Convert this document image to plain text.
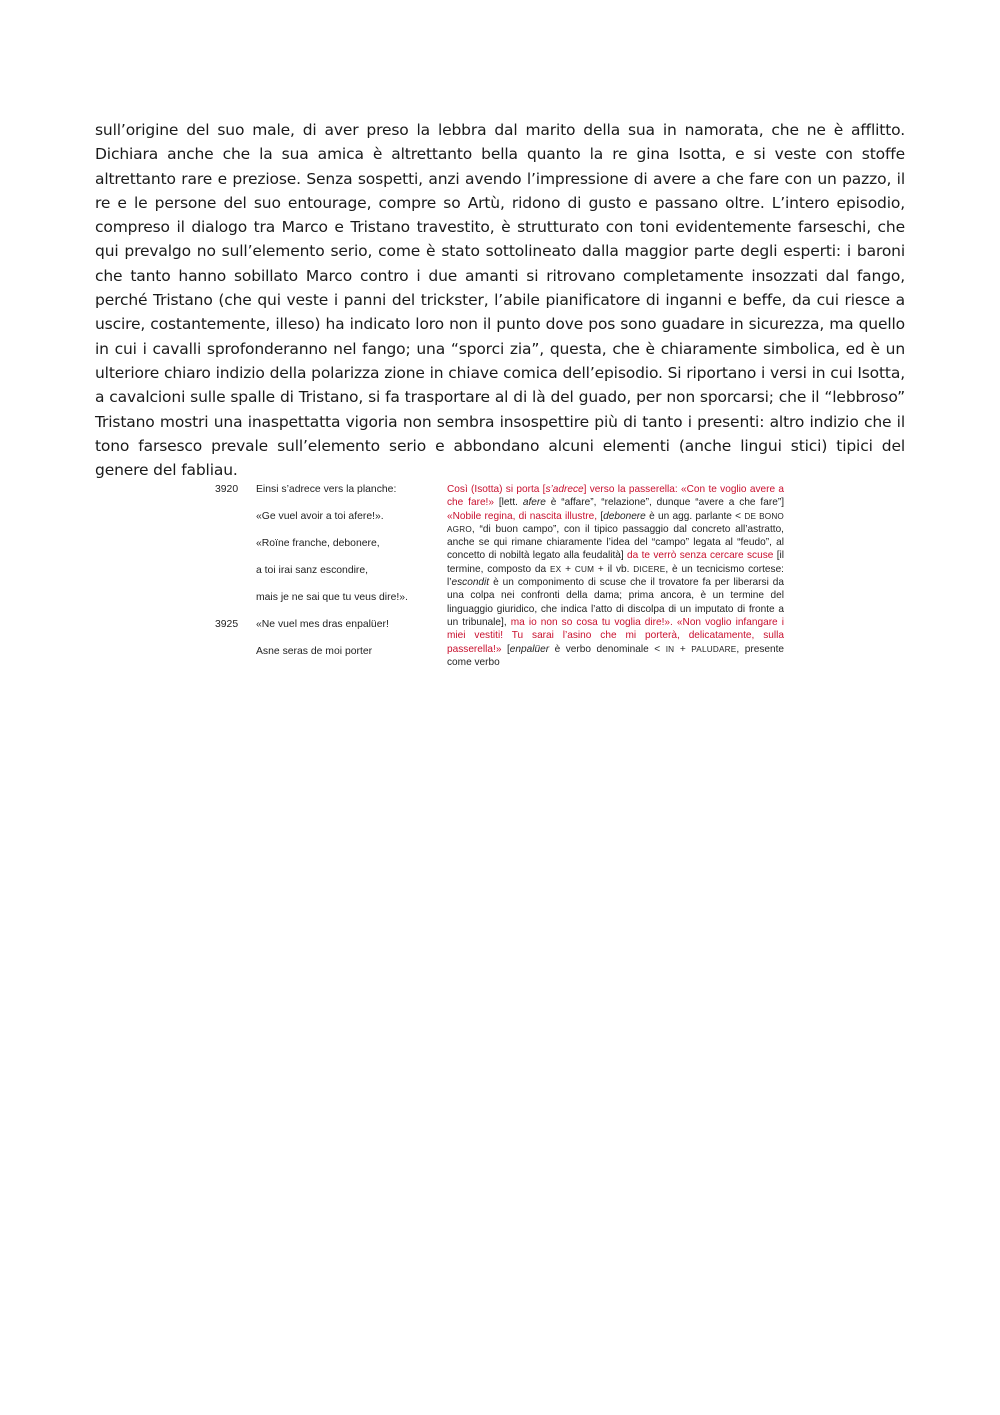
sull’origine del suo male, di aver preso la lebbra dal marito della sua in namorata, che ne è afflitto. Dichiara anche che la sua amica è altrettanto bella quanto la re gina Isotta, e si veste con stoffe altrettanto rare e preziose. Senza sospetti, anzi avendo l’impressione di avere a che fare con un pazzo, il re e le persone del suo entourage, compre so Artù, ridono di gusto e passano oltre. L’intero episodio, compreso il dialogo tra Marco e Tristano travestito, è strutturato con toni evidentemente farseschi, che qui prevalgo no sull’elemento serio, come è stato sottolineato dalla maggior parte degli esperti: i baroni che tanto hanno sobillato Marco contro i due amanti si ritrovano completamente insozzati dal fango, perché Tristano (che qui veste i panni del trickster, l’abile pianificatore di inganni e beffe, da cui riesce a uscire, costantemente, illeso) ha indicato loro non il punto dove pos sono guadare in sicurezza, ma quello in cui i cavalli sprofonderanno nel fango; una “sporci zia”, questa, che è chiaramente simbolica, ed è un ulteriore chiaro indizio della polarizza zione in chiave comica dell’episodio. Si riportano i versi in cui Isotta, a cavalcioni sulle spalle di Tristano, si fa trasportare al di là del guado, per non sporcarsi; che il “lebbroso” Tristano mostri una inaspettatta vigoria non sembra insospettire più di tanto i presenti: altro indizio che il tono farsesco prevale sull’elemento serio e abbondano alcuni elementi (anche lingui stici) tipici del genere del fabliau.

3920	Einsi s’adrece vers la planche:
«Ge vuel avoir a toi afere!».
«Roïne franche, debonere,
a toi irai sanz escondire,
mais je ne sai que tu veus dire!».
3925	«Ne vuel mes dras enpalüer!
Asne seras de moi porter

Così (Isotta) si porta [s’adrece] verso la passerella: «Con te voglio avere a che fare!» [lett. afere è “affare”, “relazione”, dunque “avere a che fare”] «Nobile regina, di nascita illustre, [debonere è un agg. parlante < DE BONO AGRO, “di buon campo”, con il tipico passaggio dal concreto all’astratto, anche se qui rimane chiaramente l’idea del “campo” legata al “feudo”, al concetto di nobiltà legato alla feudalità] da te verrò senza cercare scuse [il termine, composto da EX + CUM + il vb. DICERE, è un tecnicismo cortese: l’escondit è un componimento di scuse che il trovatore fa per liberarsi da una colpa nei confronti della dama; prima ancora, è un termine del linguaggio giuridico, che indica l’atto di discolpa di un imputato di fronte a un tribunale], ma io non so cosa tu voglia dire!». «Non voglio infangare i miei vestiti! Tu sarai l’asino che mi porterà, delicatamente, sulla passerella!» [enpalüer è verbo denominale < IN + PALUDARE, presente come verbo
